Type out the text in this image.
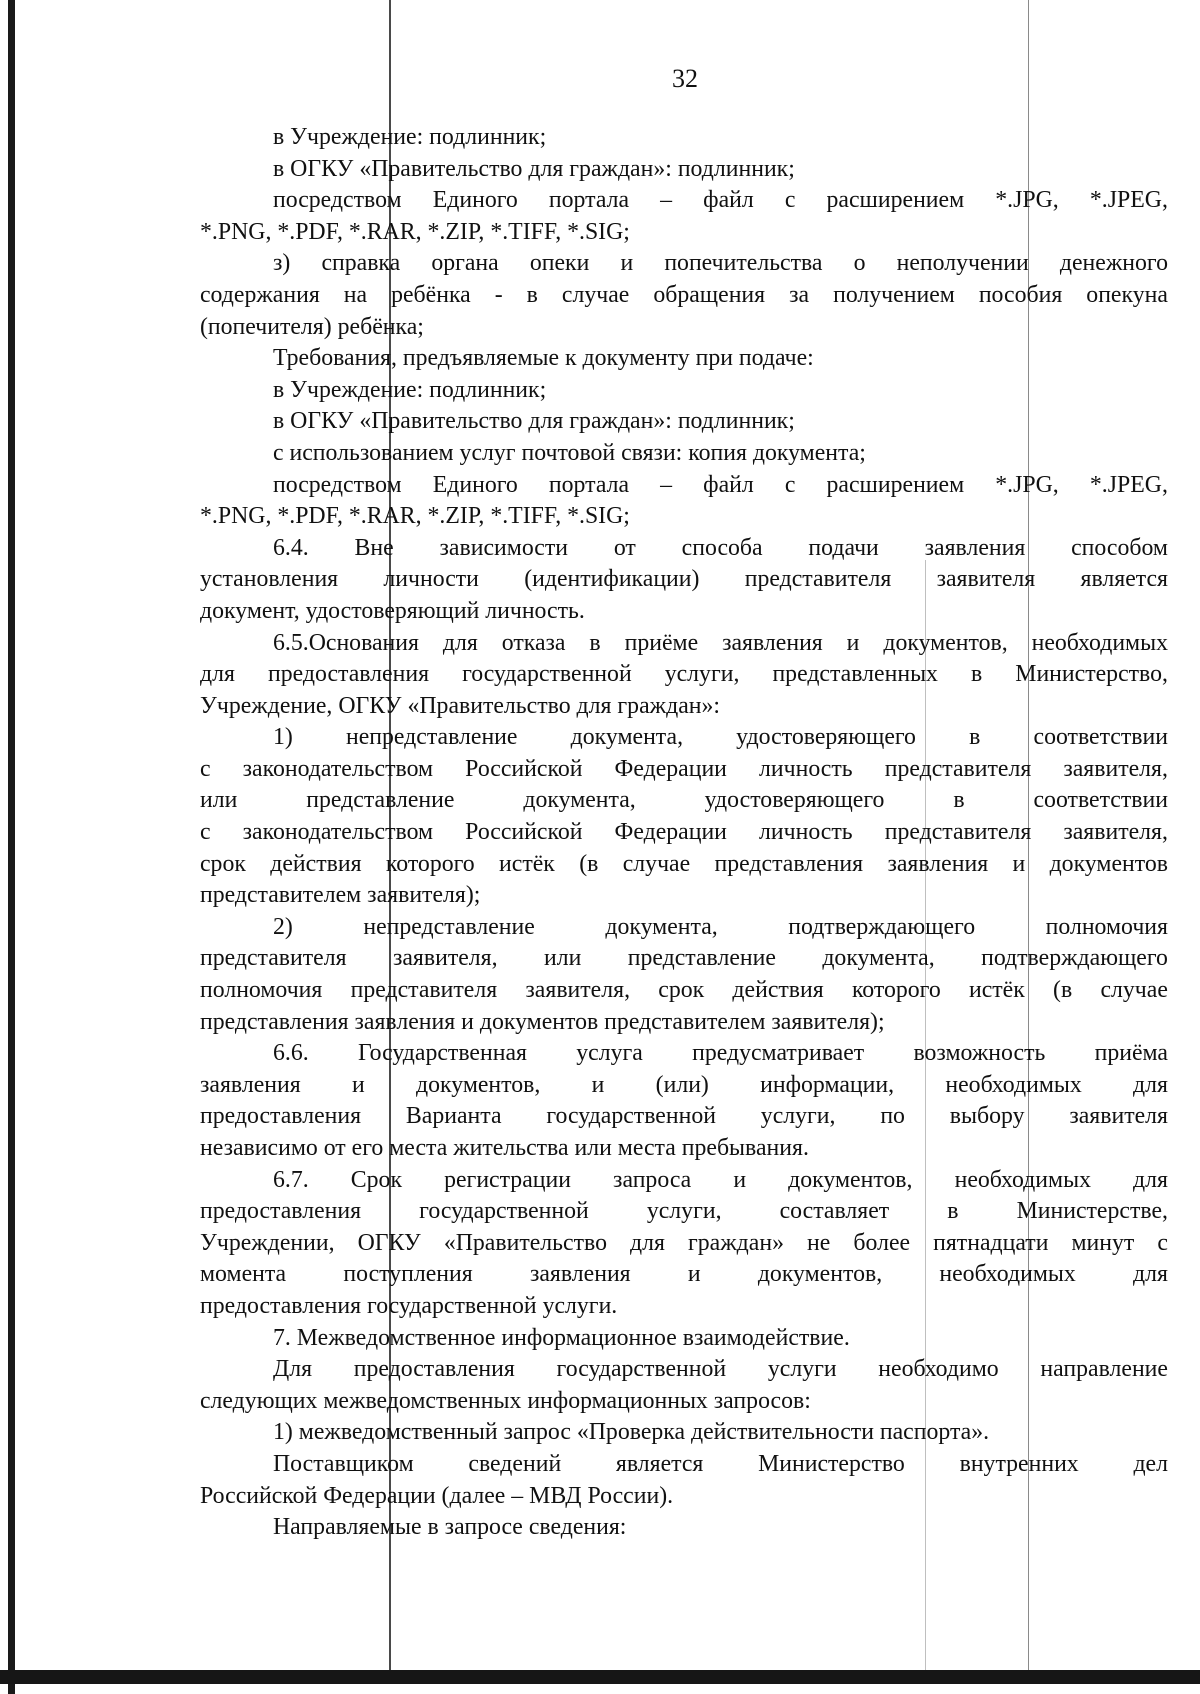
32
в Учреждение: подлинник;
в ОГКУ «Правительство для граждан»: подлинник;
посредством Единого портала – файл с расширением *.JPG, *.JPEG,
*.PNG, *.PDF, *.RAR, *.ZIP, *.TIFF, *.SIG;
з) справка органа опеки и попечительства о неполучении денежного
содержания на ребёнка - в случае обращения за получением пособия опекуна
(попечителя) ребёнка;
Требования, предъявляемые к документу при подаче:
в Учреждение: подлинник;
в ОГКУ «Правительство для граждан»: подлинник;
с использованием услуг почтовой связи: копия документа;
посредством Единого портала – файл с расширением *.JPG, *.JPEG,
*.PNG, *.PDF, *.RAR, *.ZIP, *.TIFF, *.SIG;
6.4. Вне зависимости от способа подачи заявления способом
установления личности (идентификации) представителя заявителя является
документ, удостоверяющий личность.
6.5.Основания для отказа в приёме заявления и документов, необходимых
для предоставления государственной услуги, представленных в Министерство,
Учреждение, ОГКУ «Правительство для граждан»:
1) непредставление документа, удостоверяющего в соответствии
с законодательством Российской Федерации личность представителя заявителя,
или	представление	документа,	удостоверяющего	в	соответствии
с законодательством Российской Федерации личность представителя заявителя,
срок действия которого истёк (в случае представления заявления и документов
представителем заявителя);
2)	непредставление	документа,	подтверждающего	полномочия
представителя заявителя, или представление документа, подтверждающего
полномочия представителя заявителя, срок действия которого истёк (в случае
представления заявления и документов представителем заявителя);
6.6. Государственная услуга предусматривает возможность приёма
заявления и документов, и (или) информации, необходимых для
предоставления Варианта государственной услуги, по выбору заявителя
независимо от его места жительства или места пребывания.
6.7. Срок регистрации запроса и документов, необходимых для
предоставления государственной услуги, составляет в Министерстве,
Учреждении, ОГКУ «Правительство для граждан» не более пятнадцати минут с
момента поступления заявления и документов, необходимых для
предоставления государственной услуги.
7. Межведомственное информационное взаимодействие.
Для предоставления государственной услуги необходимо направление
следующих межведомственных информационных запросов:
1) межведомственный запрос «Проверка действительности паспорта».
Поставщиком сведений является Министерство внутренних дел
Российской Федерации (далее – МВД России).
Направляемые в запросе сведения:
